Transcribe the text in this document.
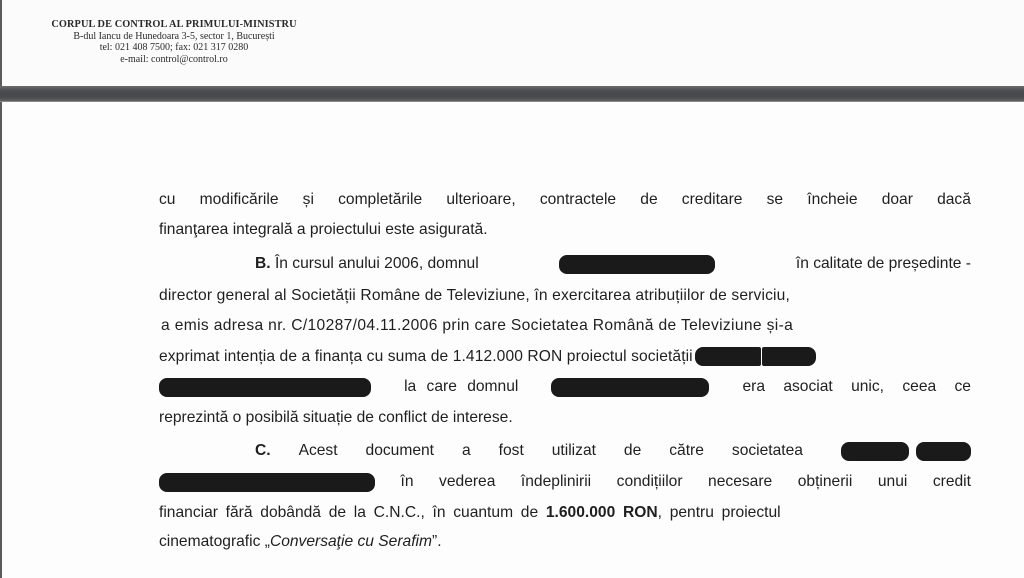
CORPUL DE CONTROL AL PRIMULUI-MINISTRU
B-dul Iancu de Hunedoara 3-5, sector 1, București
tel: 021 408 7500; fax: 021 317 0280
e-mail: control@control.ro
cu modificările și completările ulterioare, contractele de creditare se încheie doar dacă
finanţarea integrală a proiectului este asigurată.
B. În cursul anului 2006, domnul	în calitate de președinte -
director general al Societății Române de Televiziune, în exercitarea atribuțiilor de serviciu,
a emis adresa nr. C/10287/04.11.2006 prin care Societatea Română de Televiziune și-a
exprimat intenția de a finanța cu suma de 1.412.000 RON proiectul societății
la care domnul	era asociat unic, ceea ce
reprezintă o posibilă situație de conflict de interese.
C. Acest document a fost utilizat de către societatea
în vederea îndeplinirii condițiilor necesare obținerii unui credit
financiar fără dobândă de la C.N.C., în cuantum de 1.600.000 RON, pentru proiectul
cinematografic „Conversaţie cu Serafim”.
